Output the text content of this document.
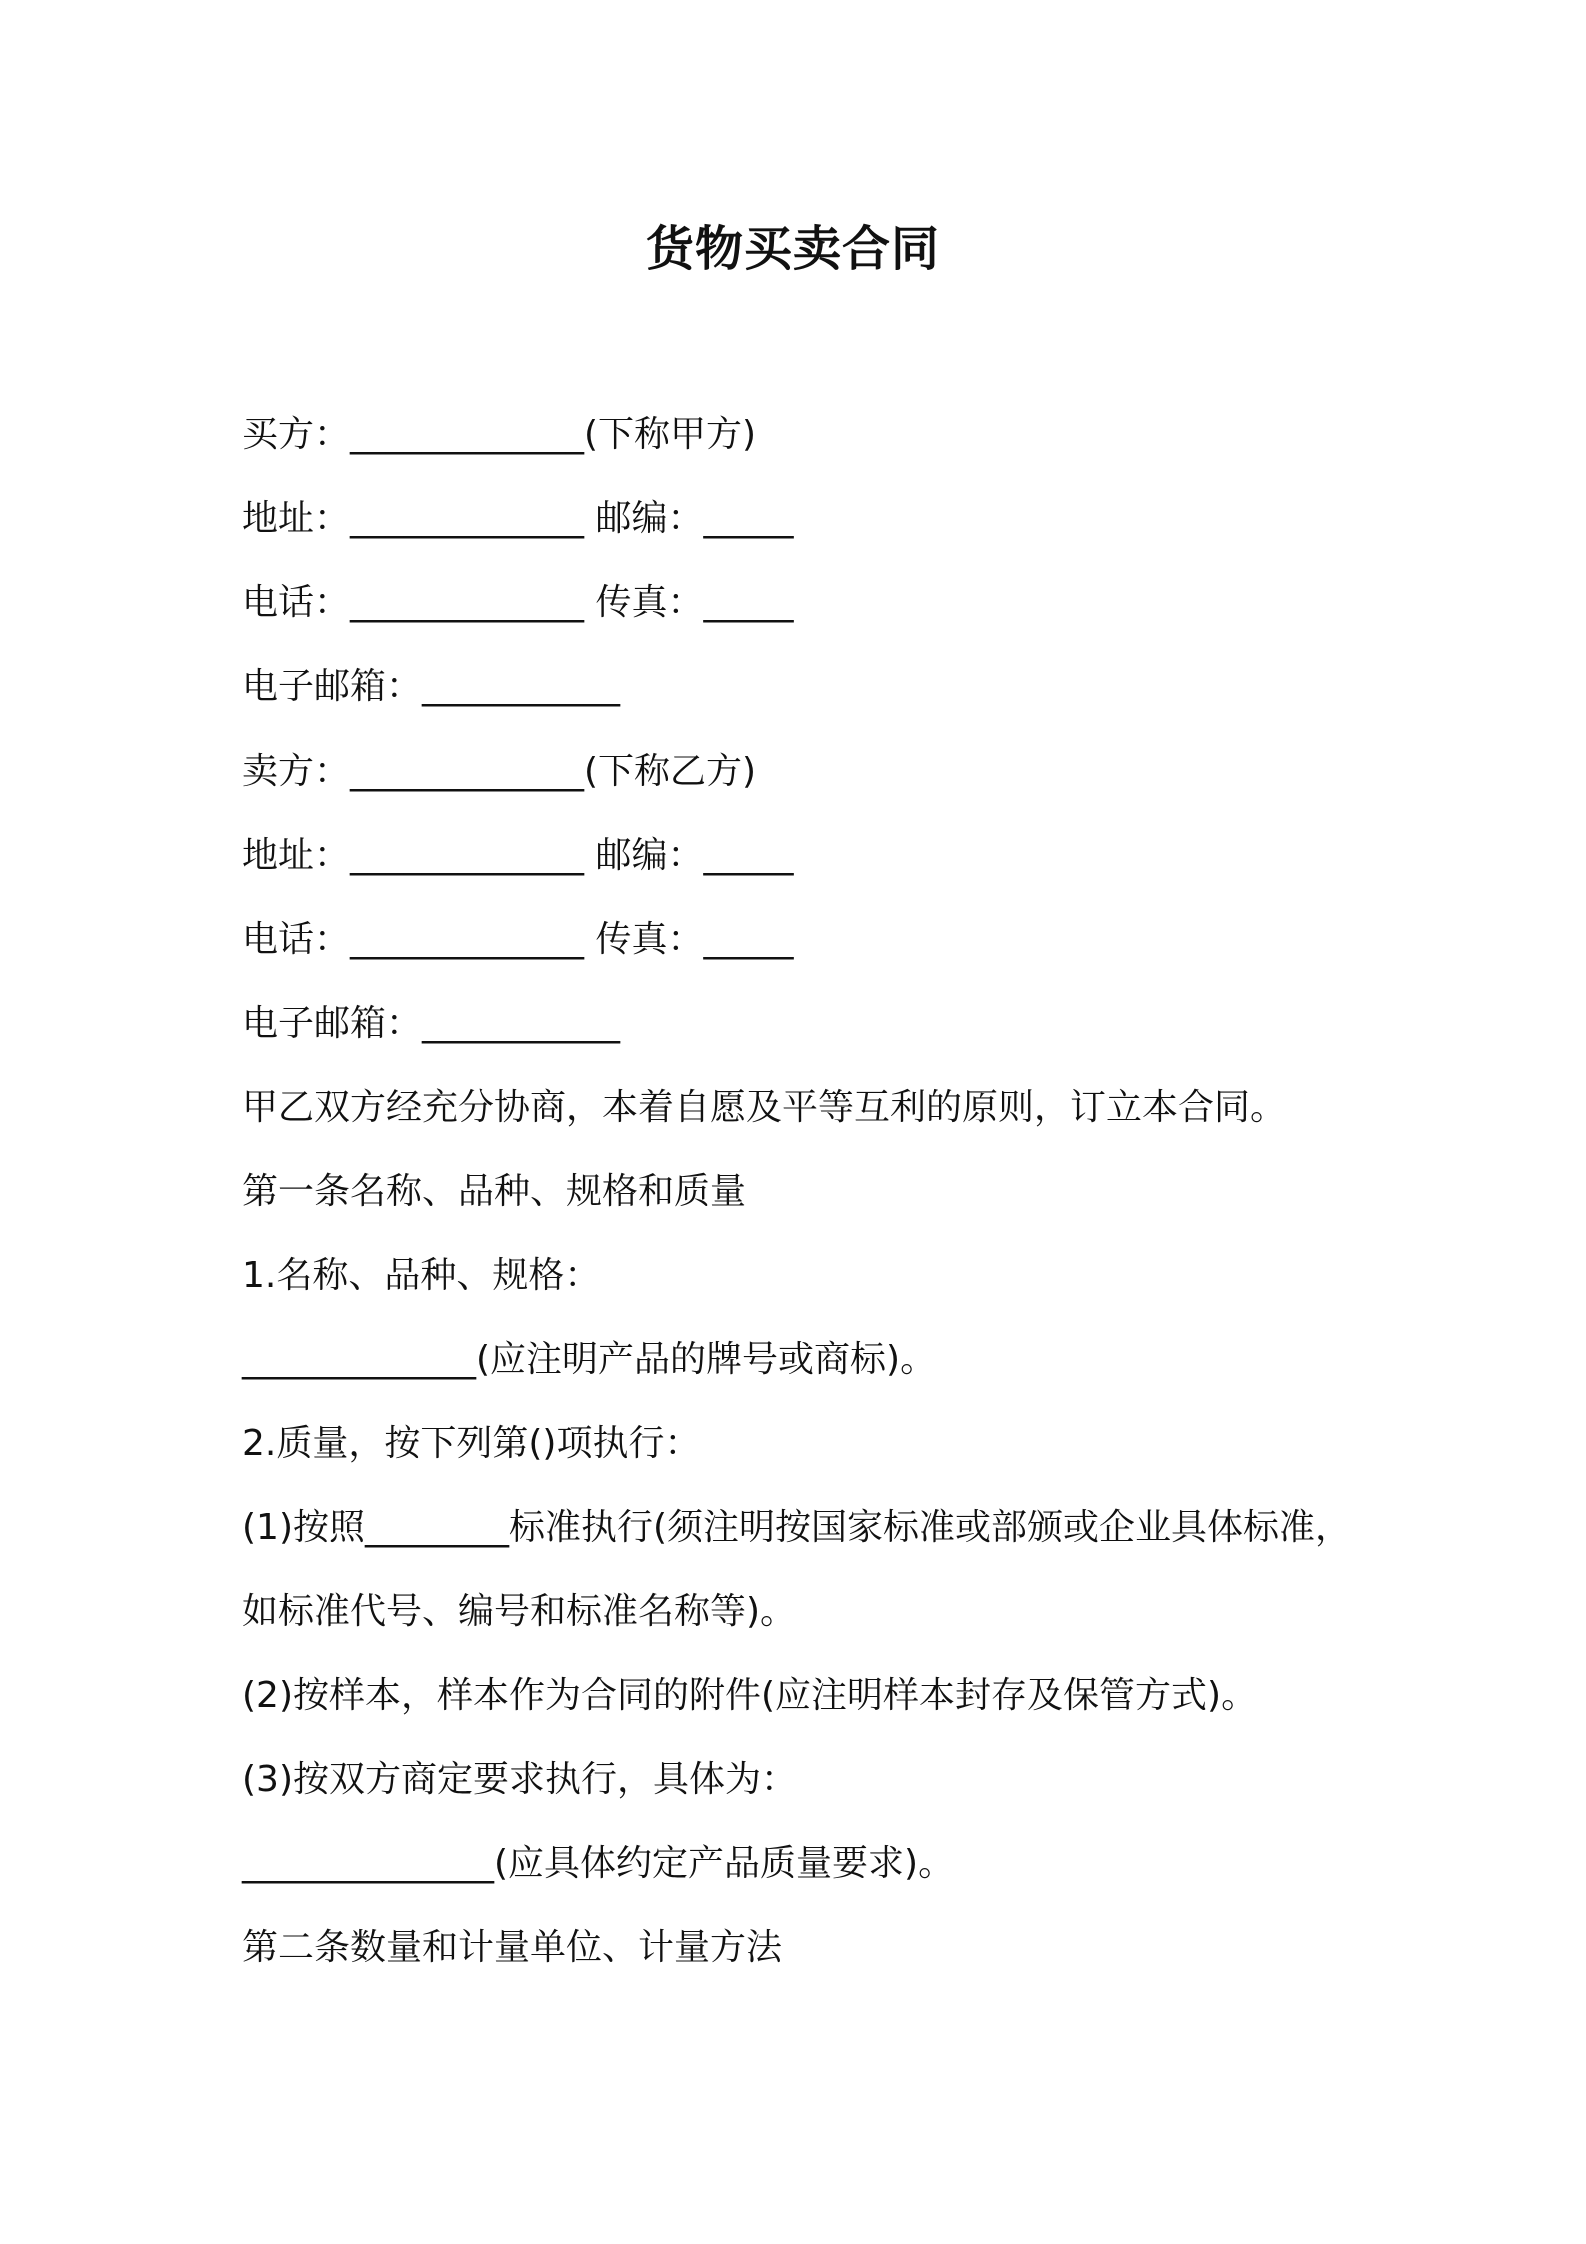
货物买卖合同
买方：_____________(下称甲方)
地址：_____________ 邮编：_____
电话：_____________ 传真：_____
电子邮箱：___________
卖方：_____________(下称乙方)
地址：_____________ 邮编：_____
电话：_____________ 传真：_____
电子邮箱：___________
甲乙双方经充分协商，本着自愿及平等互利的原则，订立本合同。
第一条名称、品种、规格和质量
1.名称、品种、规格：
_____________(应注明产品的牌号或商标)。
2.质量，按下列第()项执行：
(1)按照________标准执行(须注明按国家标准或部颁或企业具体标准，
如标准代号、编号和标准名称等)。
(2)按样本，样本作为合同的附件(应注明样本封存及保管方式)。
(3)按双方商定要求执行，具体为：
______________(应具体约定产品质量要求)。
第二条数量和计量单位、计量方法
